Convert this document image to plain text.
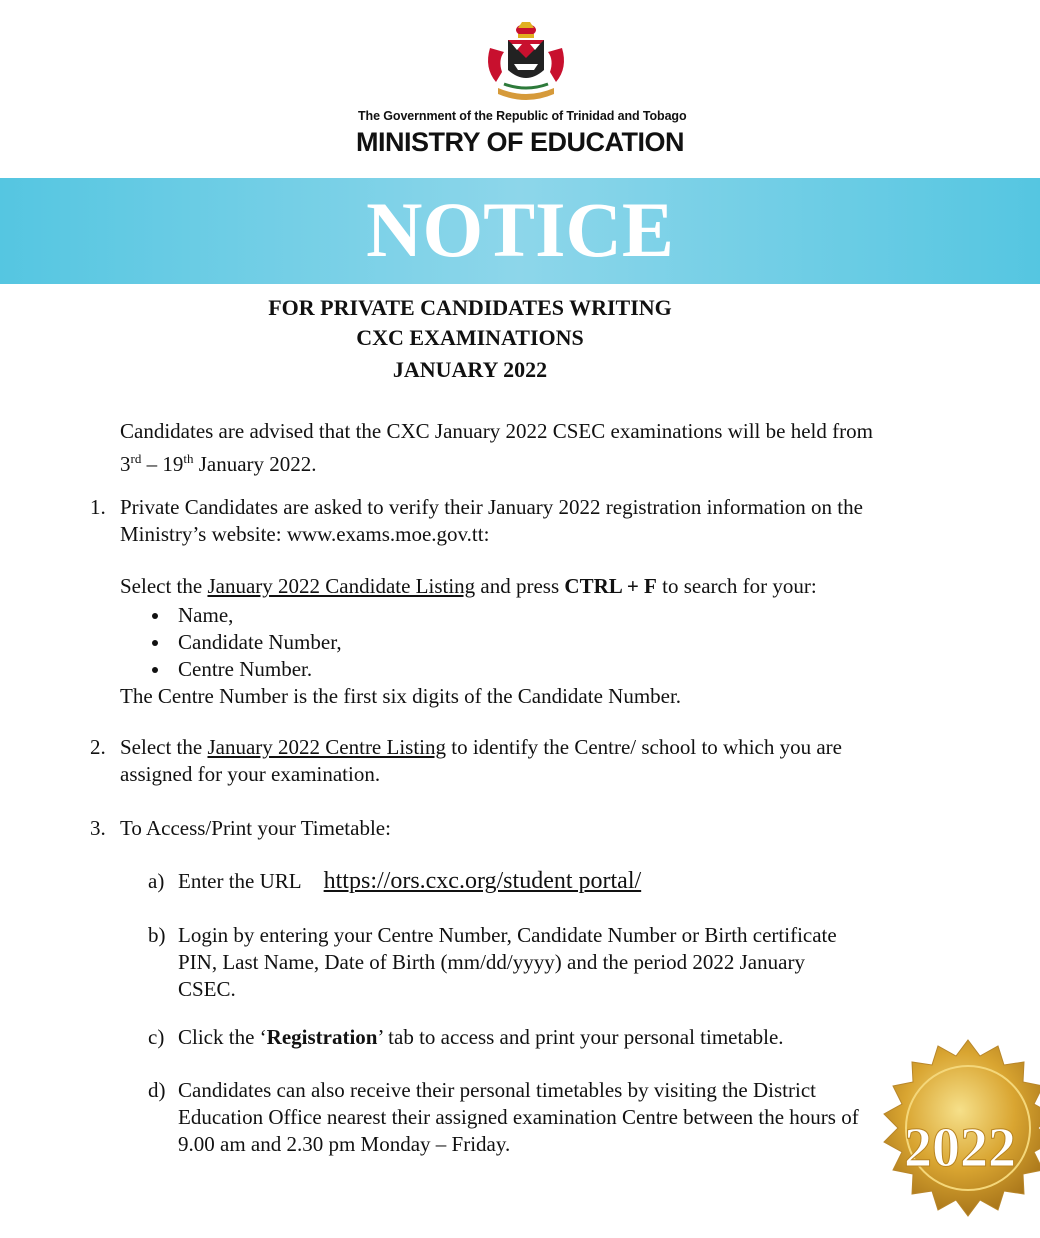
The Government of the Republic of Trinidad and Tobago
MINISTRY OF EDUCATION
NOTICE
FOR PRIVATE CANDIDATES WRITING
CXC EXAMINATIONS
JANUARY 2022
Candidates are advised that the CXC January 2022 CSEC examinations will be held from 3rd – 19th January 2022.
1. Private Candidates are asked to verify their January 2022 registration information on the Ministry’s website: www.exams.moe.gov.tt:
Select the January 2022 Candidate Listing and press CTRL + F to search for your:
Name,
Candidate Number,
Centre Number.
The Centre Number is the first six digits of the Candidate Number.
2. Select the January 2022 Centre Listing to identify the Centre/ school to which you are assigned for your examination.
3. To Access/Print your Timetable:
a) Enter the URL https://ors.cxc.org/student portal/
b) Login by entering your Centre Number, Candidate Number or Birth certificate PIN, Last Name, Date of Birth (mm/dd/yyyy) and the period 2022 January CSEC.
c) Click the ‘Registration’ tab to access and print your personal timetable.
d) Candidates can also receive their personal timetables by visiting the District Education Office nearest their assigned examination Centre between the hours of 9.00 am and 2.30 pm Monday – Friday.	2022
